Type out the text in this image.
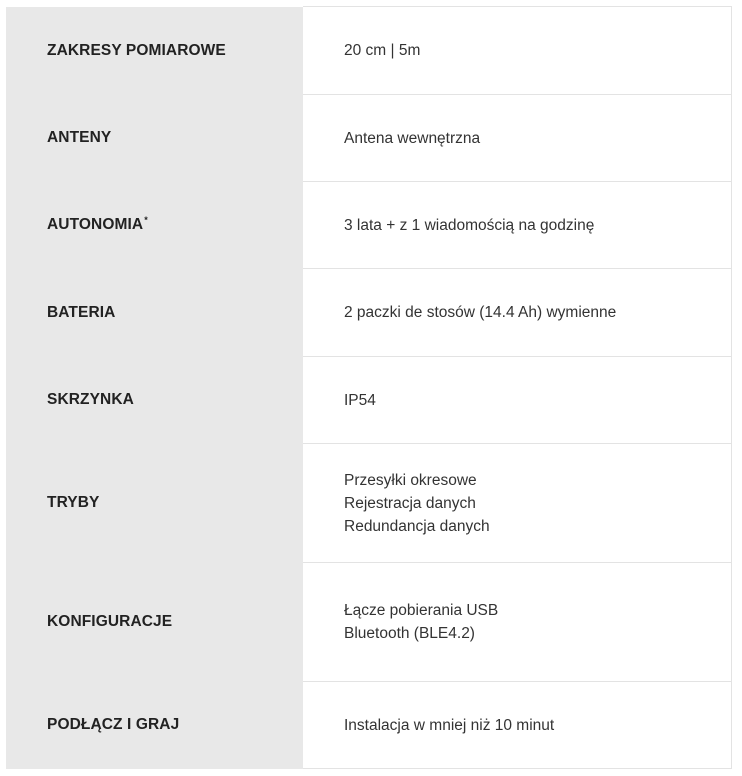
ZAKRESY POMIAROWE	20 cm | 5m

ANTENY	Antena wewnętrzna

AUTONOMIA*	3 lata + z 1 wiadomością na godzinę

BATERIA	2 paczki de stosów (14.4 Ah) wymienne

SKRZYNKA	IP54

TRYBY	Przesyłki okresowe
Rejestracja danych
Redundancja danych

KONFIGURACJE	Łącze pobierania USB
Bluetooth (BLE4.2)

PODŁĄCZ I GRAJ	Instalacja w mniej niż 10 minut
